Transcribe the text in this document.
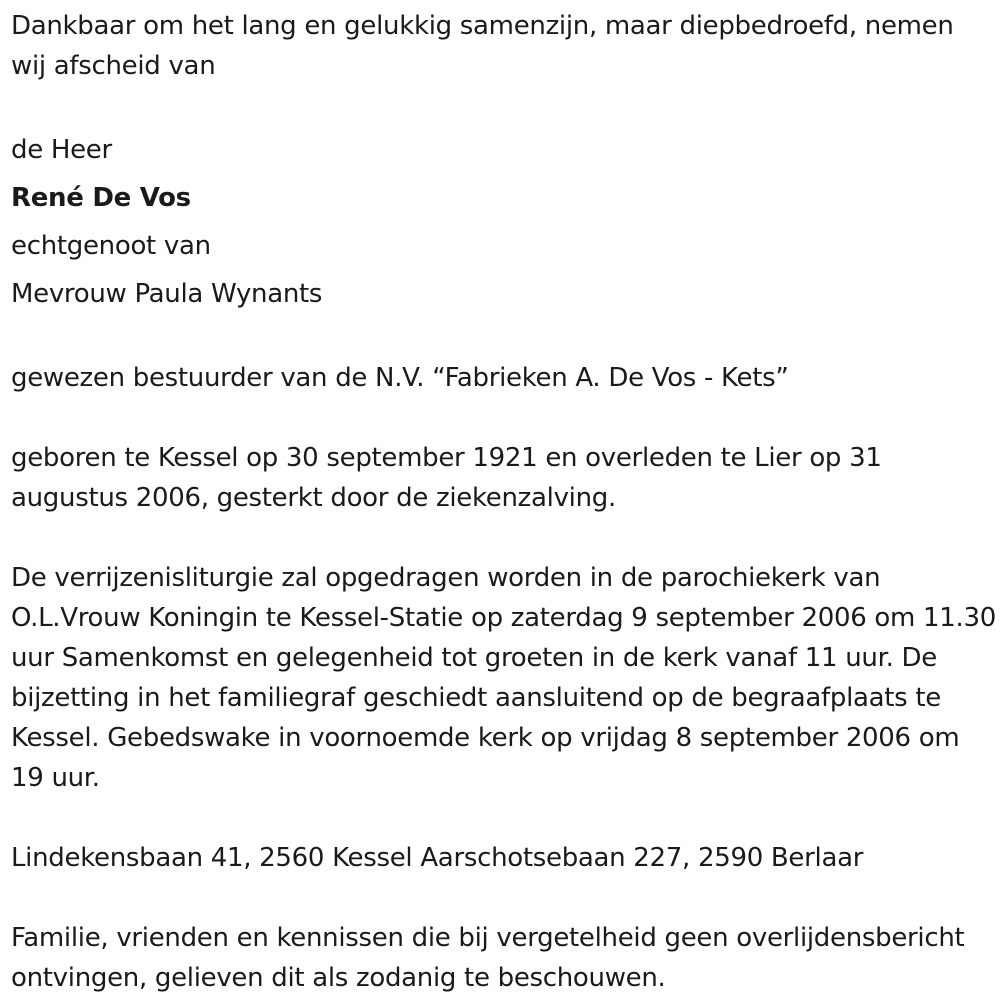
Dankbaar om het lang en gelukkig samenzijn, maar diepbedroefd, nemen wij afscheid van

de Heer

René De Vos

echtgenoot van

Mevrouw Paula Wynants

gewezen bestuurder van de N.V. “Fabrieken A. De Vos - Kets”

geboren te Kessel op 30 september 1921 en overleden te Lier op 31 augustus 2006, gesterkt door de ziekenzalving.

De verrijzenisliturgie zal opgedragen worden in de parochiekerk van O.L.Vrouw Koningin te Kessel-Statie op zaterdag 9 september 2006 om 11.30 uur Samenkomst en gelegenheid tot groeten in de kerk vanaf 11 uur. De bijzetting in het familiegraf geschiedt aansluitend op de begraafplaats te Kessel. Gebedswake in voornoemde kerk op vrijdag 8 september 2006 om 19 uur.

Lindekensbaan 41, 2560 Kessel Aarschotsebaan 227, 2590 Berlaar

Familie, vrienden en kennissen die bij vergetelheid geen overlijdensbericht ontvingen, gelieven dit als zodanig te beschouwen.
